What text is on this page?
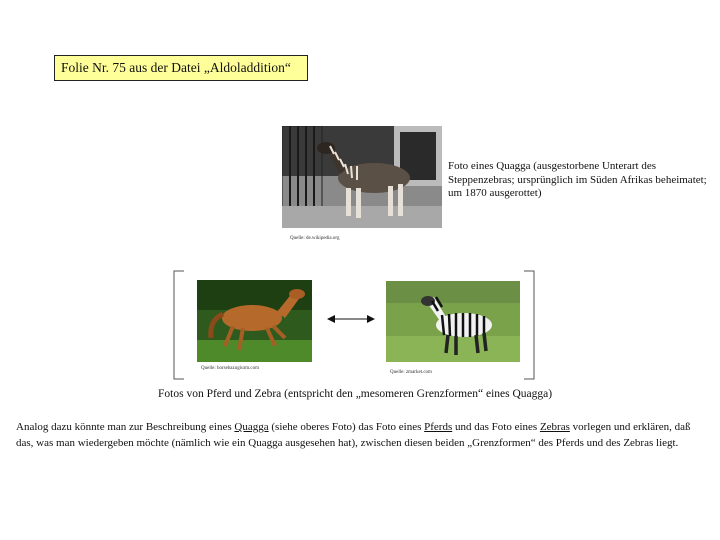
Folie Nr. 75 aus der Datei „Aldoladdition“
Quelle: de.wikipedia.org
Foto eines Quagga (ausgestorbene Unterart des Steppenzebras; ursprünglich im Süden Afrikas beheimatet; um 1870 ausgerottet)
Quelle: horsebazugiurm.com
Quelle: zmarket.com
Fotos von Pferd und Zebra (entspricht den „mesomeren Grenzformen“ eines Quagga)
Analog dazu könnte man zur Beschreibung eines Quagga (siehe oberes Foto) das Foto eines Pferds und das Foto eines Zebras vorlegen und erklären, daß das, was man wiedergeben möchte (nämlich wie ein Quagga ausgesehen hat), zwischen diesen beiden „Grenzformen“ des Pferds und des Zebras liegt.
